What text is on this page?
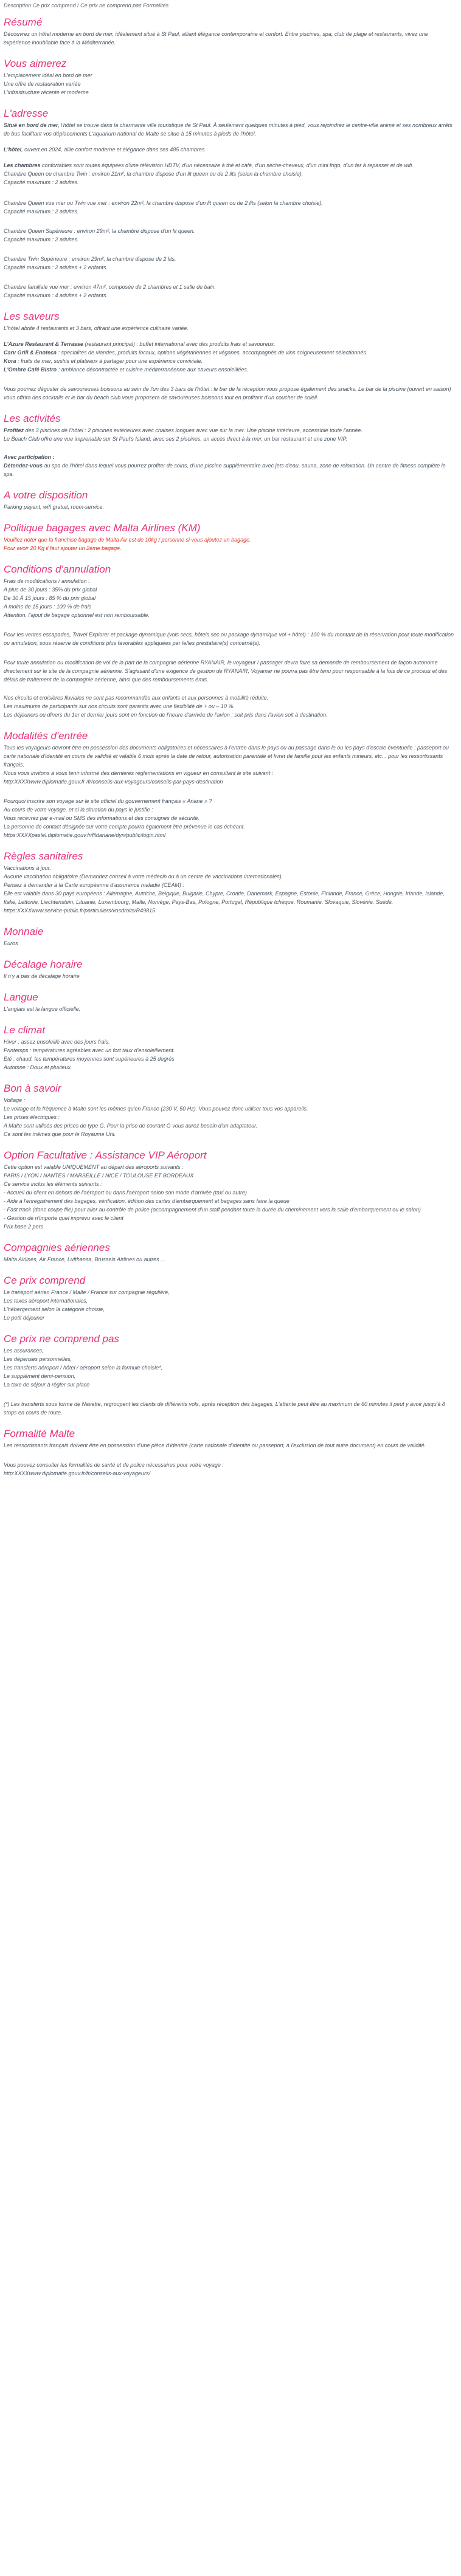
Description Ce prix comprend / Ce prix ne comprend pas Formalités
Résumé

Découvrez un hôtel moderne en bord de mer, idéalement situé à St Paul, alliant élégance contemporaine et confort. Entre piscines, spa, club de plage et restaurants, vivez une expérience inoubliable face à la Méditerranée.

Vous aimerez

L'emplacement idéal en bord de mer
Une offre de restauration variée
L'infrastructure récente et moderne

L'adresse

Situé en bord de mer, l'hôtel se trouve dans la charmante ville touristique de St Paul. À seulement quelques minutes à pied, vous rejoindrez le centre-ville animé et ses nombreux arrêts de bus facilitant vos déplacements L'aquarium national de Malte se situe à 15 minutes à pieds de l'hôtel.

L'hôtel, ouvert en 2024, allie confort moderne et élégance dans ses 485 chambres.

Les chambres confortables sont toutes équipées d'une télévision HDTV, d'un nécessaire à thé et café, d'un sèche-cheveux, d'un mini frigo, d'un fer à repasser et de wifi.
Chambre Queen ou chambre Twin : environ 21m², la chambre dispose d'un lit queen ou de 2 lits (selon la chambre choisie).
Capacité maximum : 2 adultes.

Chambre Queen vue mer ou Twin vue mer : environ 22m², la chambre dispose d'un lit queen ou de 2 lits (selon la chambre choisie).
Capacité maximum : 2 adultes.

Chambre Queen Supérieure : environ 29m², la chambre dispose d'un lit queen.
Capacité maximum : 2 adultes.

Chambre Twin Supérieure : environ 29m², la chambre dispose de 2 lits.
Capacité maximum : 2 adultes + 2 enfants.

Chambre familiale vue mer : environ 47m², composée de 2 chambres et 1 salle de bain.
Capacité maximum : 4 adultes + 2 enfants.

Les saveurs

L'hôtel abrite 4 restaurants et 3 bars, offrant une expérience culinaire variée.

L'Azure Restaurant & Terrasse (restaurant principal) : buffet international avec des produits frais et savoureux.
Carv Grill & Enoteca : spécialités de viandes, produits locaux, options végétariennes et véganes, accompagnés de vins soigneusement sélectionnés.
Kora : fruits de mer, sushis et plateaux à partager pour une expérience conviviale.
L'Ombre Café Bistro : ambiance décontractée et cuisine méditerranéenne aux saveurs ensoleillées.

Vous pourrez déguster de savoureuses boissons au sein de l'un des 3 bars de l'hôtel : le bar de la réception vous propose également des snacks. Le bar de la piscine (ouvert en saison) vous offrira des cocktails et le bar du beach club vous proposera de savoureuses boissons tout en profitant d'un coucher de soleil.

Les activités

Profitez des 3 piscines de l'hôtel : 2 piscines extérieures avec chaises longues avec vue sur la mer. Une piscine intérieure, accessible toute l'année.
Le Beach Club offre une vue imprenable sur St Paul's Island, avec ses 2 piscines, un accès direct à la mer, un bar restaurant et une zone VIP.

Avec participation :
Détendez-vous au spa de l'hôtel dans lequel vous pourrez profiter de soins, d'une piscine supplémentaire avec jets d'eau, sauna, zone de relaxation. Un centre de fitness complète le spa.

A votre disposition

Parking payant, wifi gratuit, room-service.

Politique bagages avec Malta Airlines (KM)

Veuillez noter que la franchise bagage de Malta Air est de 10kg / personne si vous ajoutez un bagage.
Pour avoir 20 Kg il faut ajouter un 2ème bagage.

Conditions d'annulation

Frais de modifications / annulation :
A plus de 30 jours : 35% du prix global
De 30 À 15 jours : 85 % du prix global
A moins de 15 jours : 100 % de frais
Attention, l'ajout de bagage optionnel est non remboursable.

Pour les ventes escapades, Travel Explorer et package dynamique (vols secs, hôtels sec ou package dynamique vol + hôtel) : 100 % du montant de la réservation pour toute modification ou annulation, sous réserve de conditions plus favorables appliquées par le/les prestataire(s) concerné(s).

Pour toute annulation ou modification de vol de la part de la compagnie aérienne RYANAIR, le voyageur / passager devra faire sa demande de remboursement de façon autonome directement sur le site de la compagnie aérienne. S'agissant d'une exigence de gestion de RYANAIR, Voyamar ne pourra pas être tenu pour responsable à la fois de ce process et des délais de traitement de la compagnie aérienne, ainsi que des remboursements émis.

Nos circuits et croisières fluviales ne sont pas recommandés aux enfants et aux personnes à mobilité réduite.
Les maximums de participants sur nos circuits sont garantis avec une flexibilité de + ou – 10 %.
Les déjeuners ou dîners du 1er et dernier jours sont en fonction de l'heure d'arrivée de l'avion : soit pris dans l'avion soit à destination.

Modalités d'entrée

Tous les voyageurs devront être en possession des documents obligatoires et nécessaires à l'entrée dans le pays ou au passage dans le ou les pays d'escale éventuelle : passeport ou carte nationale d'identité en cours de validité et valable 6 mois après la date de retour, autorisation parentale et livret de famille pour les enfants mineurs, etc... pour les ressortissants français.
Nous vous invitons à vous tenir informé des dernières réglementations en vigueur en consultant le site suivant :
http:XXXXwww.diplomatie.gouv.fr /fr/conseils-aux-voyageurs/conseils-par-pays-destination

Pourquoi inscrire son voyage sur le site officiel du gouvernement français « Ariane » ?
Au cours de votre voyage, et si la situation du pays le justifie :
Vous recevrez par e-mail ou SMS des informations et des consignes de sécurité.
La personne de contact désignée sur votre compte pourra également être prévenue le cas échéant.
https:XXXXpastel.diplomatie.gouv.fr/fildariane/dyn/public/login.html

Règles sanitaires

Vaccinations à jour.
Aucune vaccination obligatoire (Demandez conseil à votre médecin ou à un centre de vaccinations internationales).
Pensez à demander à la Carte européenne d'assurance maladie (CEAM) :
Elle est valable dans 30 pays européens : Allemagne, Autriche, Belgique, Bulgarie, Chypre, Croatie, Danemark, Espagne, Estonie, Finlande, France, Grèce, Hongrie, Irlande, Islande, Italie, Lettonie, Liechtenstein, Lituanie, Luxembourg, Malte, Norvège, Pays-Bas, Pologne, Portugal, République tchèque, Roumanie, Slovaquie, Slovénie, Suède.
https:XXXXwww.service-public.fr/particuliers/vosdroits/R49815

Monnaie

Euros

Décalage horaire

Il n'y a pas de décalage horaire

Langue

L'anglais est la langue officielle.

Le climat

Hiver : assez ensoleillé avec des jours frais.
Printemps : températures agréables avec un fort taux d'ensoleillement.
Eté : chaud, les températures moyennes sont supérieures à 25 degrés
Automne : Doux et pluvieux.

Bon à savoir

Voltage :
Le voltage et la fréquence à Malte sont les mêmes qu'en France (230 V, 50 Hz). Vous pouvez donc utiliser tous vos appareils.
Les prises électriques :
A Malte sont utilisés des prises de type G. Pour la prise de courant G vous aurez besoin d'un adaptateur.
Ce sont les mêmes que pour le Royaume Uni.

Option Facultative : Assistance VIP Aéroport

Cette option est valable UNIQUEMENT au départ des aéroports suivants :
PARIS / LYON / NANTES / MARSEILLE / NICE / TOULOUSE ET BORDEAUX
Ce service inclus les éléments suivants :
- Accueil du client en dehors de l'aéroport ou dans l'aéroport selon son mode d'arrivée (taxi ou autre)
- Aide à l'enregistrement des bagages, vérification, édition des cartes d'embarquement et bagages sans faire la queue
- Fast track (donc coupe file) pour aller au contrôle de police (accompagnement d'un staff pendant toute la durée du cheminement vers la salle d'embarquement ou le salon)
- Gestion de n'importe quel imprévu avec le client
Prix base 2 pers

Compagnies aériennes

Malta Airlines, Air France, Lufthansa, Brussels Airlines ou autres ...

Ce prix comprend

Le transport aérien France / Malte / France sur compagnie régulière,
Les taxes aéroport internationales,
L'hébergement selon la catégorie choisie,
Le petit déjeuner

Ce prix ne comprend pas

Les assurances,
Les dépenses personnelles,
Les transferts aéroport / hôtel / aéroport selon la formule choisie*,
Le supplément demi-pension,
La taxe de séjour à régler sur place

(*) Les transferts sous forme de Navette, regroupent les clients de différents vols, après réception des bagages. L'attente peut être au maximum de 60 minutes il peut y avoir jusqu'à 8 stops en cours de route.

Formalité Malte

Les ressortissants français doivent être en possession d'une pièce d'identité (carte nationale d'identité ou passeport, à l'exclusion de tout autre document) en cours de validité.

Vous pouvez consulter les formalités de santé et de police nécessaires pour votre voyage :
http:XXXXwww.diplomatie.gouv.fr/fr/conseils-aux-voyageurs/
